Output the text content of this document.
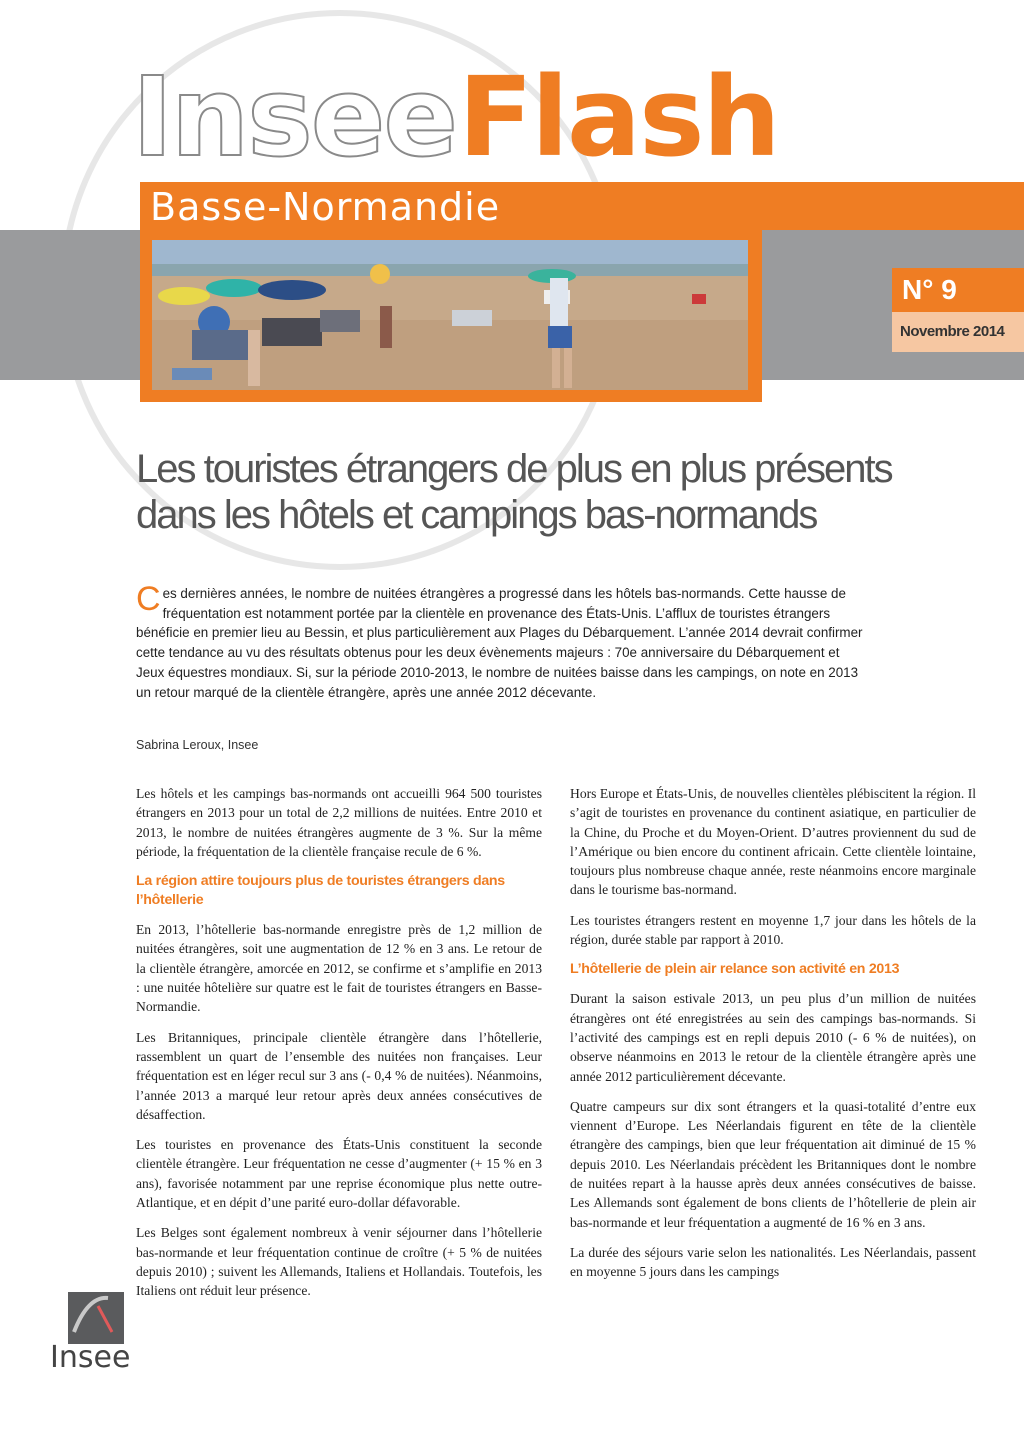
Insee Flash
Basse-Normandie
N° 9
Novembre 2014
Les touristes étrangers de plus en plus présents dans les hôtels et campings bas-normands
Ces dernières années, le nombre de nuitées étrangères a progressé dans les hôtels bas-normands. Cette hausse de fréquentation est notamment portée par la clientèle en provenance des États-Unis. L’afflux de touristes étrangers bénéficie en premier lieu au Bessin, et plus particulièrement aux Plages du Débarquement. L’année 2014 devrait confirmer cette tendance au vu des résultats obtenus pour les deux évènements majeurs : 70e anniversaire du Débarquement et Jeux équestres mondiaux. Si, sur la période 2010-2013, le nombre de nuitées baisse dans les campings, on note en 2013 un retour marqué de la clientèle étrangère, après une année 2012 décevante.
Sabrina Leroux, Insee

Les hôtels et les campings bas-normands ont accueilli 964 500 touristes étrangers en 2013 pour un total de 2,2 millions de nuitées. Entre 2010 et 2013, le nombre de nuitées étrangères augmente de 3 %. Sur la même période, la fréquentation de la clientèle française recule de 6 %.

La région attire toujours plus de touristes étrangers dans l’hôtellerie

En 2013, l’hôtellerie bas-normande enregistre près de 1,2 million de nuitées étrangères, soit une augmentation de 12 % en 3 ans. Le retour de la clientèle étrangère, amorcée en 2012, se confirme et s’amplifie en 2013 : une nuitée hôtelière sur quatre est le fait de touristes étrangers en Basse-Normandie.

Les Britanniques, principale clientèle étrangère dans l’hôtellerie, rassemblent un quart de l’ensemble des nuitées non françaises. Leur fréquentation est en léger recul sur 3 ans (- 0,4 % de nuitées). Néanmoins, l’année 2013 a marqué leur retour après deux années consécutives de désaffection.

Les touristes en provenance des États-Unis constituent la seconde clientèle étrangère. Leur fréquentation ne cesse d’augmenter (+ 15 % en 3 ans), favorisée notamment par une reprise économique plus nette outre-Atlantique, et en dépit d’une parité euro-dollar défavorable.

Les Belges sont également nombreux à venir séjourner dans l’hôtellerie bas-normande et leur fréquentation continue de croître (+ 5 % de nuitées depuis 2010) ; suivent les Allemands, Italiens et Hollandais. Toutefois, les Italiens ont réduit leur présence.

Hors Europe et États-Unis, de nouvelles clientèles plébiscitent la région. Il s’agit de touristes en provenance du continent asiatique, en particulier de la Chine, du Proche et du Moyen-Orient. D’autres proviennent du sud de l’Amérique ou bien encore du continent africain. Cette clientèle lointaine, toujours plus nombreuse chaque année, reste néanmoins encore marginale dans le tourisme bas-normand.

Les touristes étrangers restent en moyenne 1,7 jour dans les hôtels de la région, durée stable par rapport à 2010.

L’hôtellerie de plein air relance son activité en 2013

Durant la saison estivale 2013, un peu plus d’un million de nuitées étrangères ont été enregistrées au sein des campings bas-normands. Si l’activité des campings est en repli depuis 2010 (- 6 % de nuitées), on observe néanmoins en 2013 le retour de la clientèle étrangère après une année 2012 particulièrement décevante.

Quatre campeurs sur dix sont étrangers et la quasi-totalité d’entre eux viennent d’Europe. Les Néerlandais figurent en tête de la clientèle étrangère des campings, bien que leur fréquentation ait diminué de 15 % depuis 2010. Les Néerlandais précèdent les Britanniques dont le nombre de nuitées repart à la hausse après deux années consécutives de baisse. Les Allemands sont également de bons clients de l’hôtellerie de plein air bas-normande et leur fréquentation a augmenté de 16 % en 3 ans.

La durée des séjours varie selon les nationalités. Les Néerlandais, passent en moyenne 5 jours dans les campings

Insee
